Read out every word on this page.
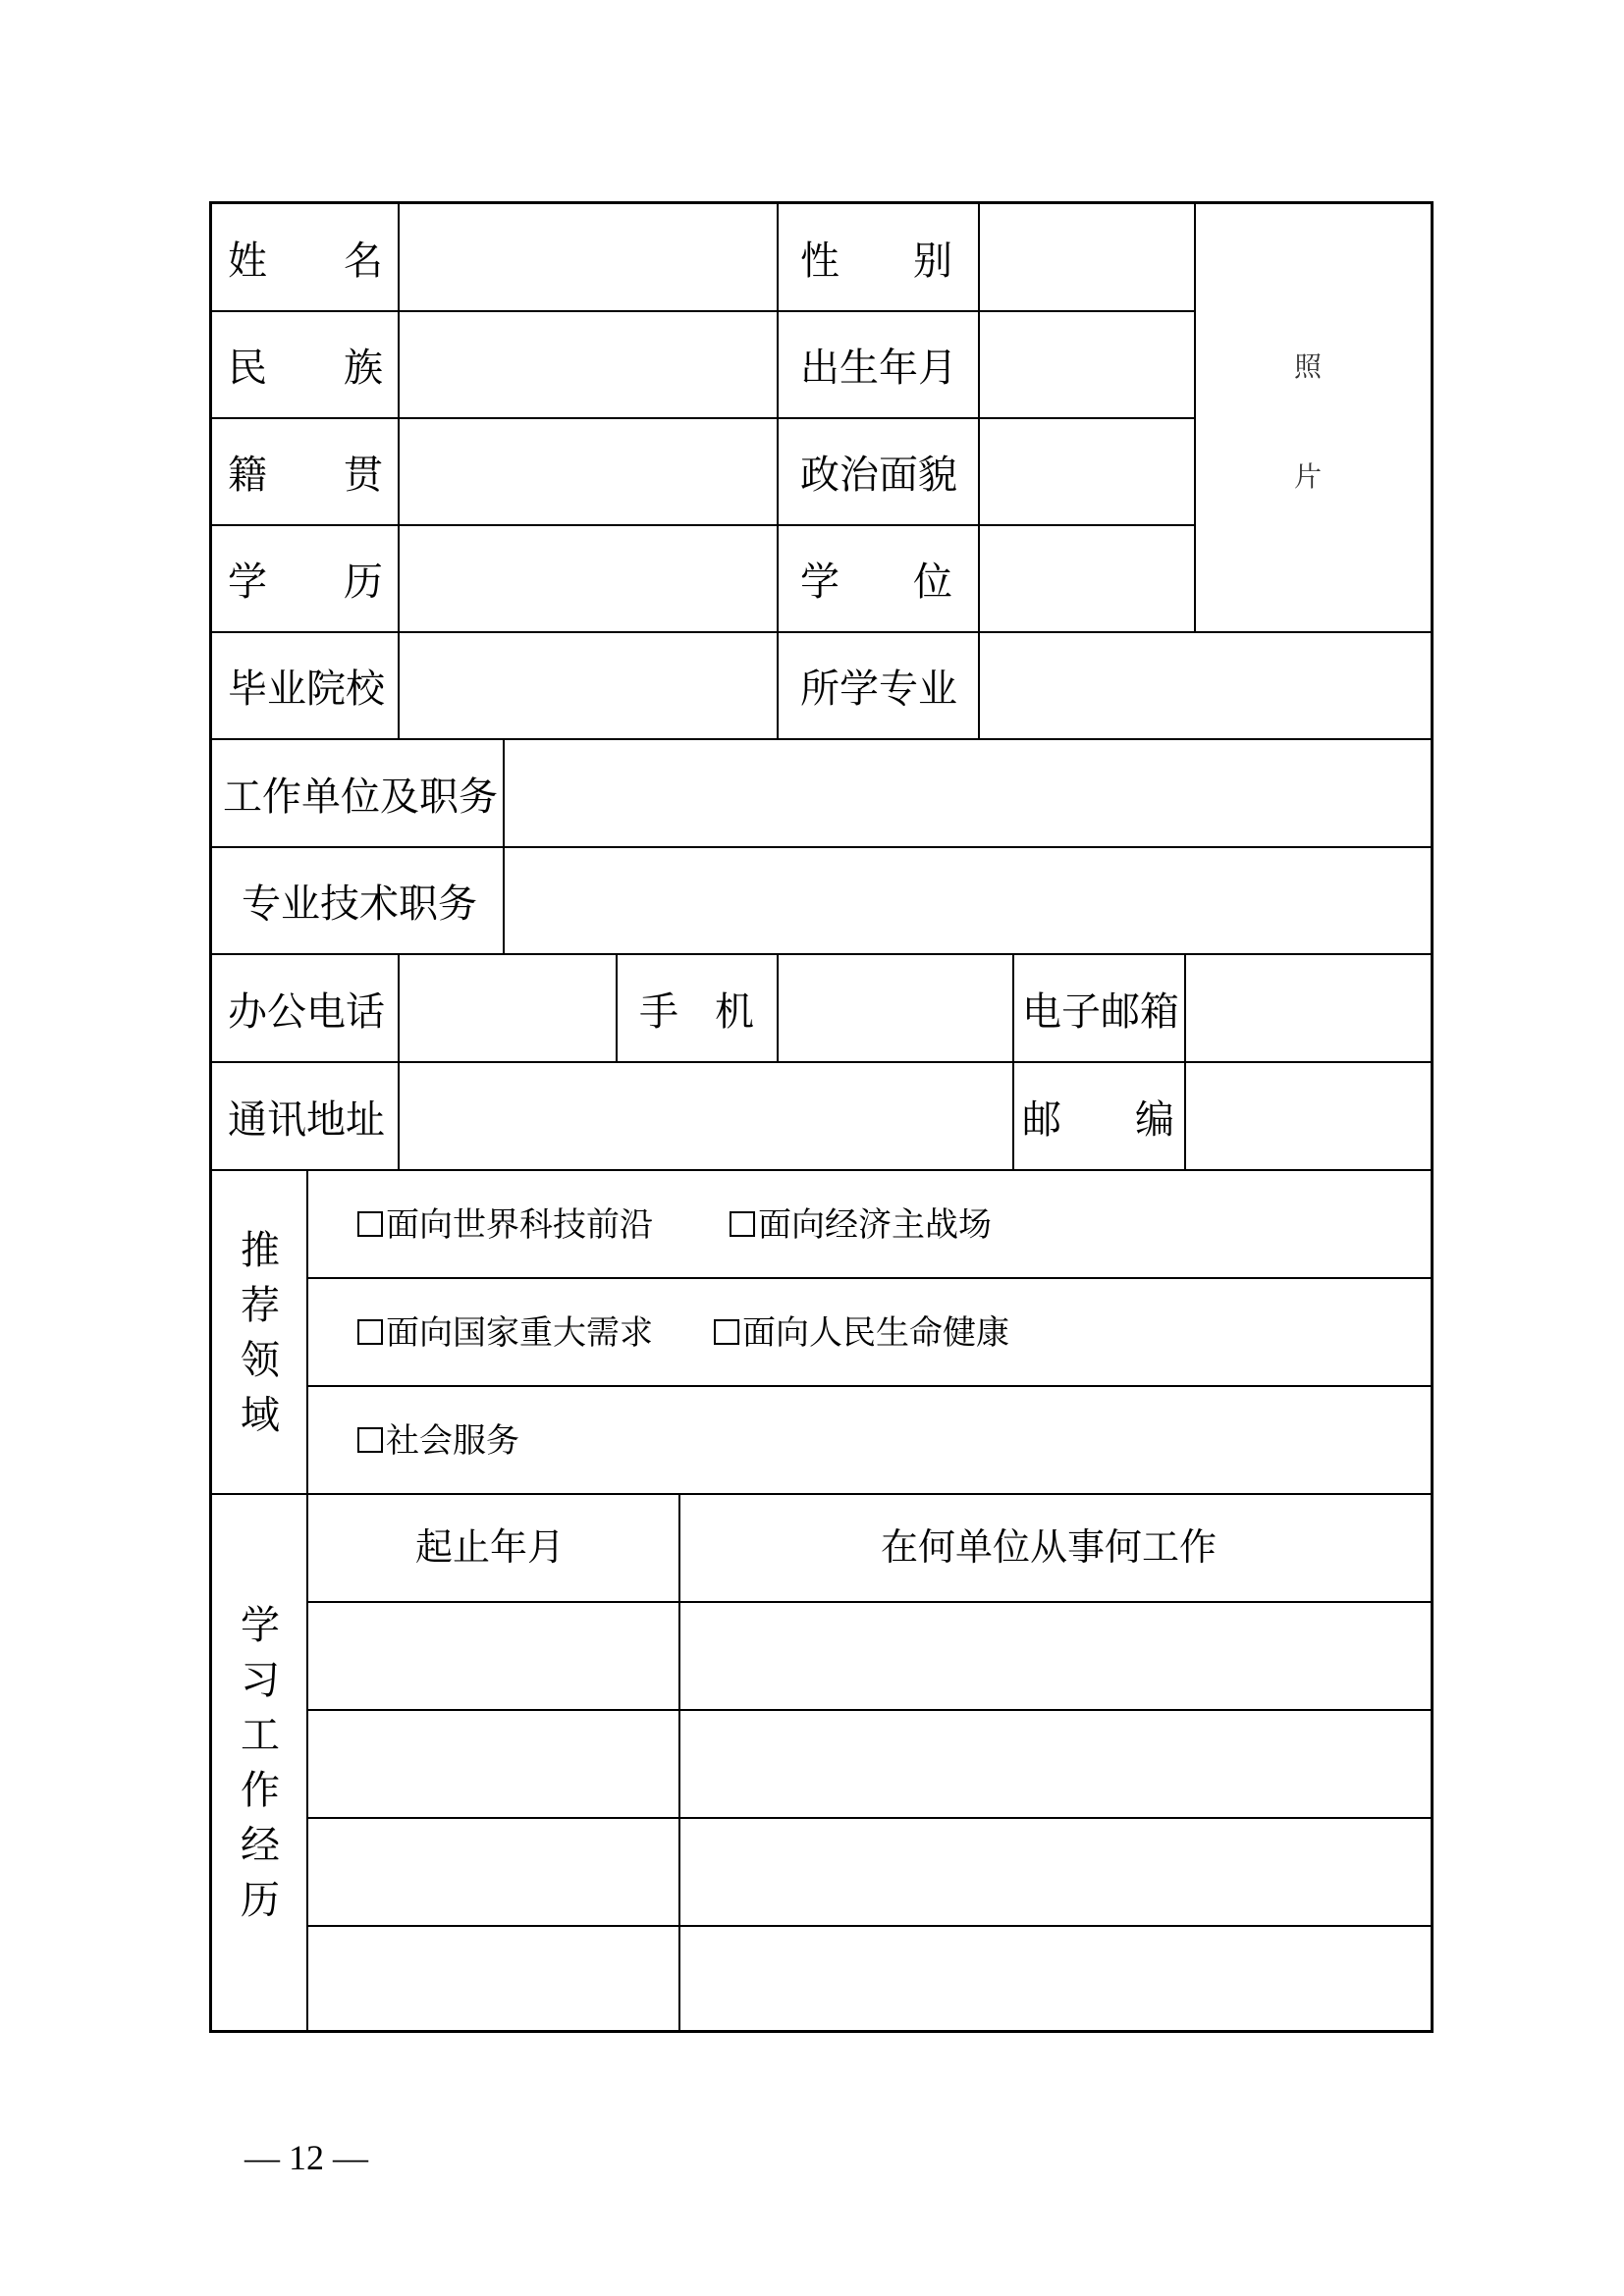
姓 名	性 别
照
片
民 族	出生年月
籍 贯	政治面貌
学 历	学 位
毕业院校	所学专业
工作单位及职务
专业技术职务
办公电话	手 机	电子邮箱
通讯地址	邮 编
推荐领域
面向世界科技前沿	面向经济主战场
面向国家重大需求	面向人民生命健康
社会服务
学习工作经历
起止年月	在何单位从事何工作
— 12 —
